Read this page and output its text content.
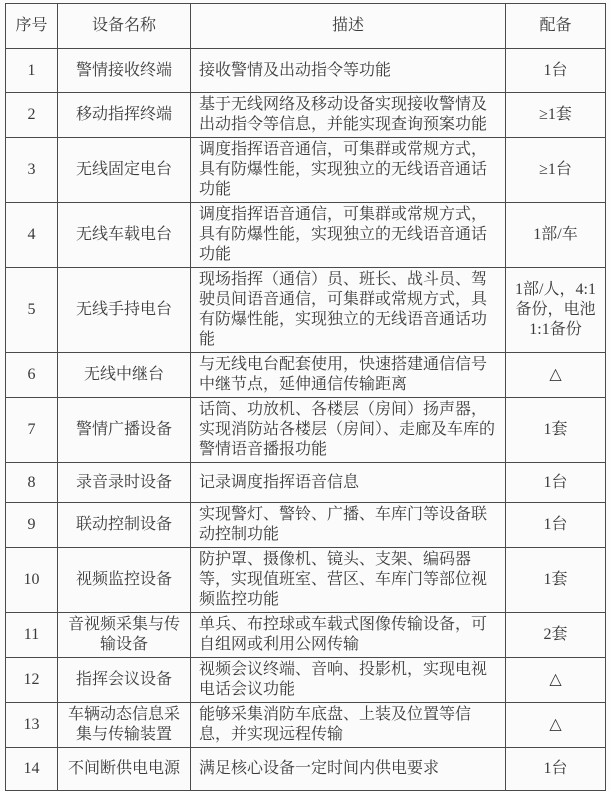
序号	设备名称	描述	配备
1	警情接收终端	接收警情及出动指令等功能	1台
2	移动指挥终端	基于无线网络及移动设备实现接收警情及出动指令等信息，并能实现查询预案功能	≥1套
3	无线固定电台	调度指挥语音通信，可集群或常规方式，具有防爆性能，实现独立的无线语音通话功能	≥1台
4	无线车载电台	调度指挥语音通信，可集群或常规方式，具有防爆性能，实现独立的无线语音通话功能	1部/车
5	无线手持电台	现场指挥（通信）员、班长、战斗员、驾驶员间语音通信，可集群或常规方式，具有防爆性能，实现独立的无线语音通话功能	1部/人，4:1备份，电池1:1备份
6	无线中继台	与无线电台配套使用，快速搭建通信信号中继节点，延伸通信传输距离	△
7	警情广播设备	话筒、功放机、各楼层（房间）扬声器，实现消防站各楼层（房间）、走廊及车库的警情语音播报功能	1套
8	录音录时设备	记录调度指挥语音信息	1台
9	联动控制设备	实现警灯、警铃、广播、车库门等设备联动控制功能	1台
10	视频监控设备	防护罩、摄像机、镜头、支架、编码器等，实现值班室、营区、车库门等部位视频监控功能	1套
11	音视频采集与传输设备	单兵、布控球或车载式图像传输设备，可自组网或利用公网传输	2套
12	指挥会议设备	视频会议终端、音响、投影机，实现电视电话会议功能	△
13	车辆动态信息采集与传输装置	能够采集消防车底盘、上装及位置等信息，并实现远程传输	△
14	不间断供电电源	满足核心设备一定时间内供电要求	1台
